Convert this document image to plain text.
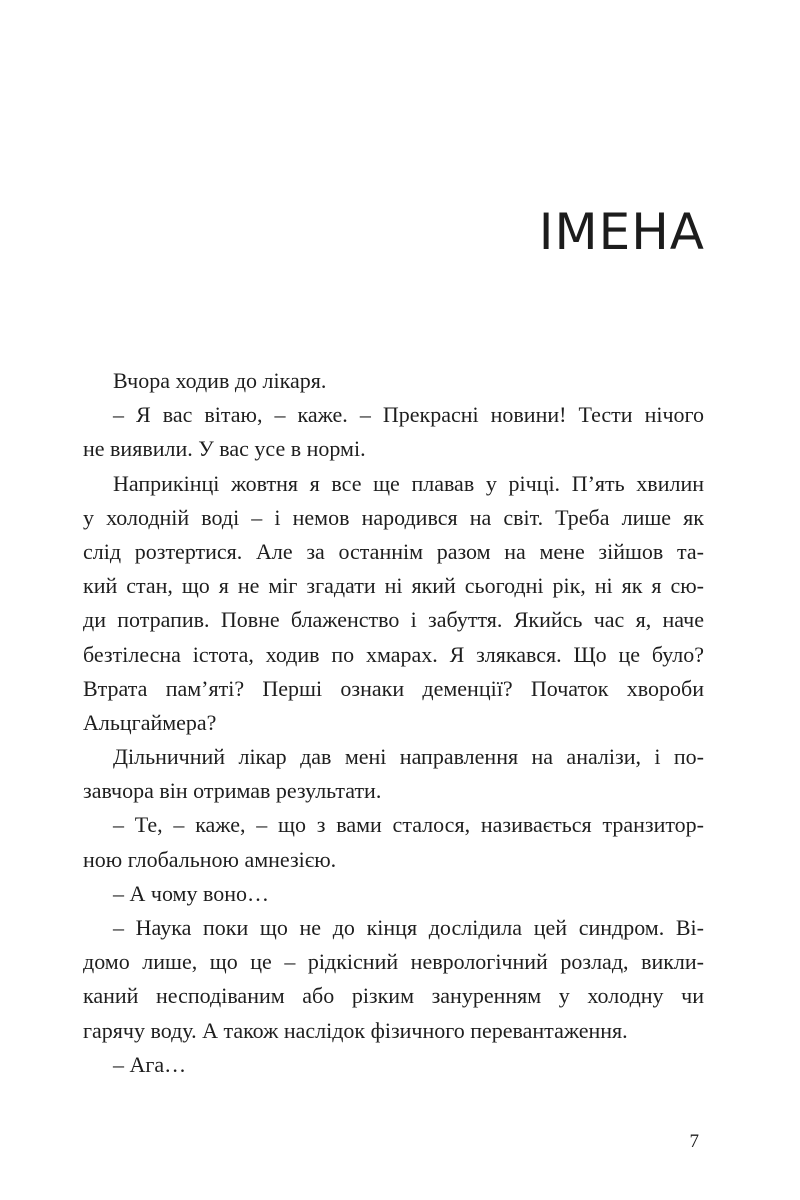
ІМЕНА
Вчора ходив до лікаря.
– Я вас вітаю, – каже. – Прекрасні новини! Тести нічого
не виявили. У вас усе в нормі.
Наприкінці жовтня я все ще плавав у річці. П’ять хвилин
у холодній воді – і немов народився на світ. Треба лише як
слід розтертися. Але за останнім разом на мене зійшов та-
кий стан, що я не міг згадати ні який сьогодні рік, ні як я сю-
ди потрапив. Повне блаженство і забуття. Якийсь час я, наче
безтілесна істота, ходив по хмарах. Я злякався. Що це було?
Втрата пам’яті? Перші ознаки деменції? Початок хвороби
Альцгаймера?
Дільничний лікар дав мені направлення на аналізи, і по-
завчора він отримав результати.
– Те, – каже, – що з вами сталося, називається транзитор-
ною глобальною амнезією.
– А чому воно…
– Наука поки що не до кінця дослідила цей синдром. Ві-
домо лише, що це – рідкісний неврологічний розлад, викли-
каний несподіваним або різким зануренням у холодну чи
гарячу воду. А також наслідок фізичного перевантаження.
– Ага…
7
